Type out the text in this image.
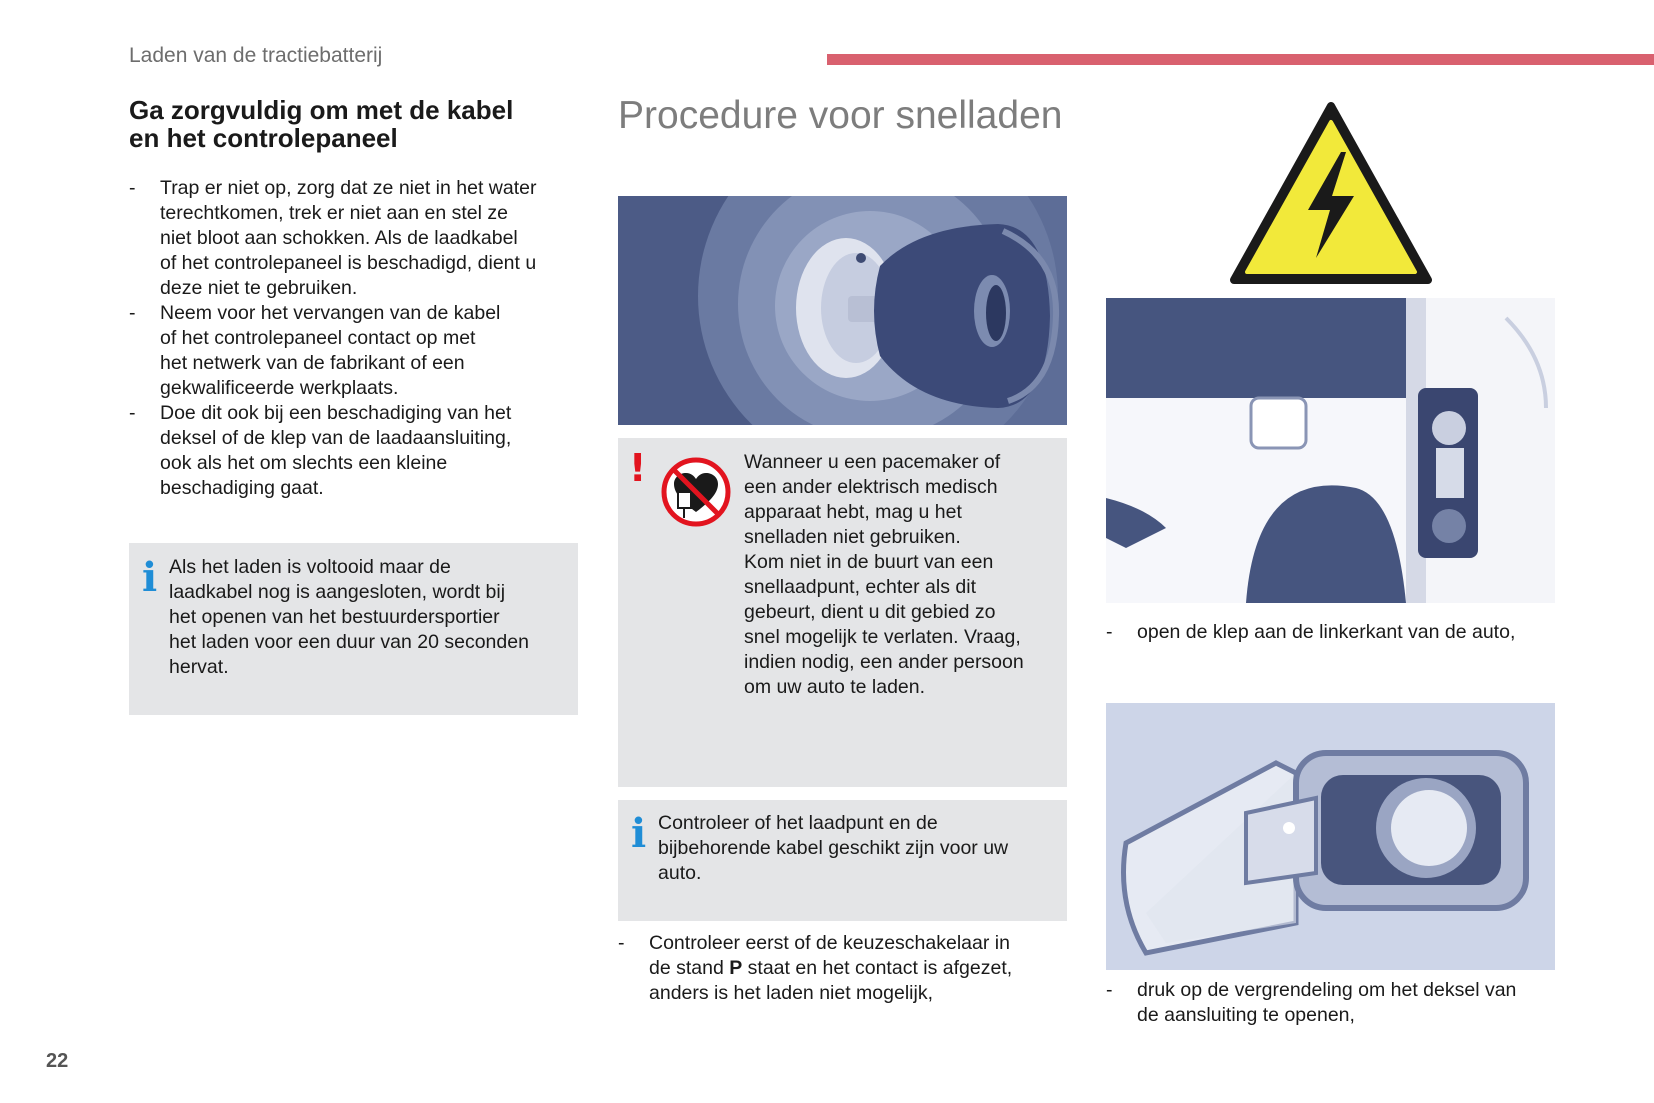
Laden van de tractiebatterij
Ga zorgvuldig om met de kabel
en het controlepaneel
- Trap er niet op, zorg dat ze niet in het water
terechtkomen, trek er niet aan en stel ze
niet bloot aan schokken. Als de laadkabel
of het controlepaneel is beschadigd, dient u
deze niet te gebruiken.
- Neem voor het vervangen van de kabel
of het controlepaneel contact op met
het netwerk van de fabrikant of een
gekwalificeerde werkplaats.
- Doe dit ook bij een beschadiging van het
deksel of de klep van de laadaansluiting,
ook als het om slechts een kleine
beschadiging gaat.
i Als het laden is voltooid maar de
laadkabel nog is aangesloten, wordt bij
het openen van het bestuurdersportier
het laden voor een duur van 20 seconden
hervat.
Procedure voor snelladen
!	Wanneer u een pacemaker of
een ander elektrisch medisch
apparaat hebt, mag u het
snelladen niet gebruiken.
Kom niet in de buurt van een
snellaadpunt, echter als dit
gebeurt, dient u dit gebied zo
snel mogelijk te verlaten. Vraag,
indien nodig, een ander persoon
om uw auto te laden.
i Controleer of het laadpunt en de
bijbehorende kabel geschikt zijn voor uw
auto.
- Controleer eerst of de keuzeschakelaar in
de stand P staat en het contact is afgezet,
anders is het laden niet mogelijk,
- open de klep aan de linkerkant van de auto,
- druk op de vergrendeling om het deksel van
de aansluiting te openen,
22
